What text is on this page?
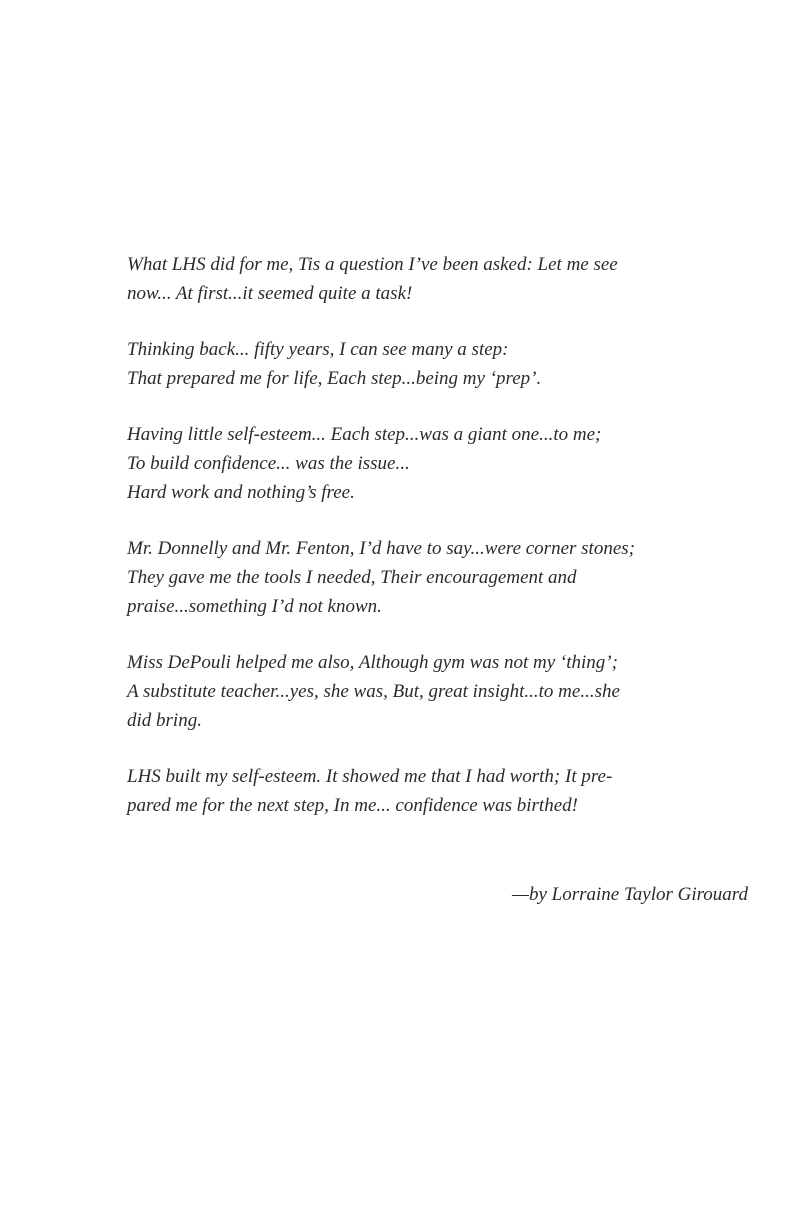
What LHS did for me, Tis a question I’ve been asked: Let me see
now... At first...it seemed quite a task!
Thinking back... fifty years, I can see many a step:
That prepared me for life, Each step...being my ‘prep’.
Having little self-esteem... Each step...was a giant one...to me;
To build confidence... was the issue...
Hard work and nothing’s free.
Mr. Donnelly and Mr. Fenton, I’d have to say...were corner stones;
They gave me the tools I needed, Their encouragement and
praise...something I’d not known.
Miss DePouli helped me also, Although gym was not my ‘thing’;
A substitute teacher...yes, she was, But, great insight...to me...she
did bring.
LHS built my self-esteem. It showed me that I had worth; It pre-
pared me for the next step, In me... confidence was birthed!
—by Lorraine Taylor Girouard
